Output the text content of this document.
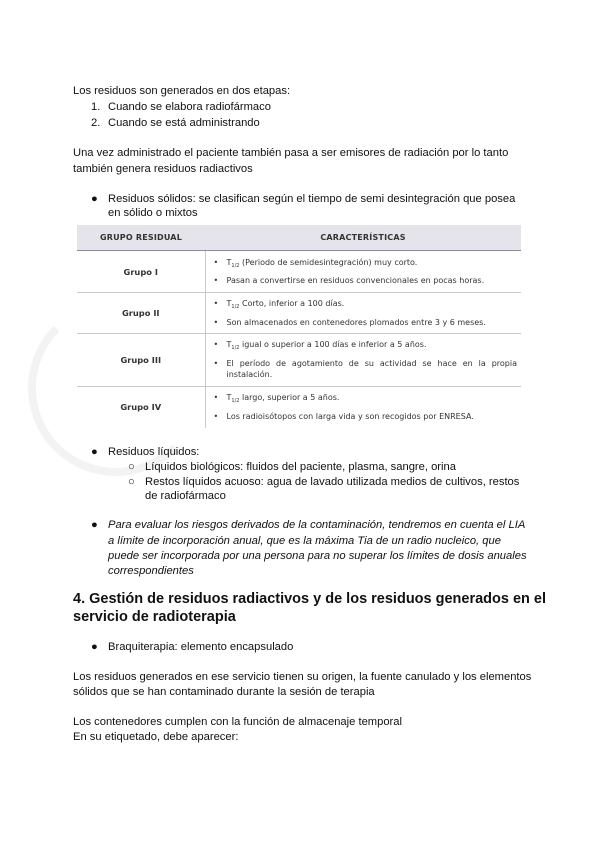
Los residuos son generados en dos etapas:
1. Cuando se elabora radiofármaco
2. Cuando se está administrando
Una vez administrado el paciente también pasa a ser emisores de radiación por lo tanto
también genera residuos radiactivos
● Residuos sólidos: se clasifican según el tiempo de semi desintegración que posea
en sólido o mixtos
GRUPO RESIDUAL	CARACTERÍSTICAS
Grupo I	• $T_{1/2}$ (Periodo de semidesintegración) muy corto.
• Pasan a convertirse en residuos convencionales en pocas horas.

Grupo II	• $T_{1/2}$ Corto, inferior a 100 días.
• Son almacenados en contenedores plomados entre 3 y 6 meses.

Grupo III	• $T_{1/2}$ igual o superior a 100 días e inferior a 5 años.
• El período de agotamiento de su actividad se hace en la propia instalación.

Grupo IV	• $T_{1/2}$ largo, superior a 5 años.
• Los radioisótopos con larga vida y son recogidos por ENRESA.
● Residuos líquidos:
○ Líquidos biológicos: fluidos del paciente, plasma, sangre, orina
○ Restos líquidos acuoso: agua de lavado utilizada medios de cultivos, restos
de radiofármaco
● Para evaluar los riesgos derivados de la contaminación, tendremos en cuenta el LIA
a límite de incorporación anual, que es la máxima Tia de un radio nucleico, que
puede ser incorporada por una persona para no superar los límites de dosis anuales
correspondientes
4. Gestión de residuos radiactivos y de los residuos generados en el
servicio de radioterapia
● Braquiterapia: elemento encapsulado
Los residuos generados en ese servicio tienen su origen, la fuente canulado y los elementos
sólidos que se han contaminado durante la sesión de terapia
Los contenedores cumplen con la función de almacenaje temporal
En su etiquetado, debe aparecer:
